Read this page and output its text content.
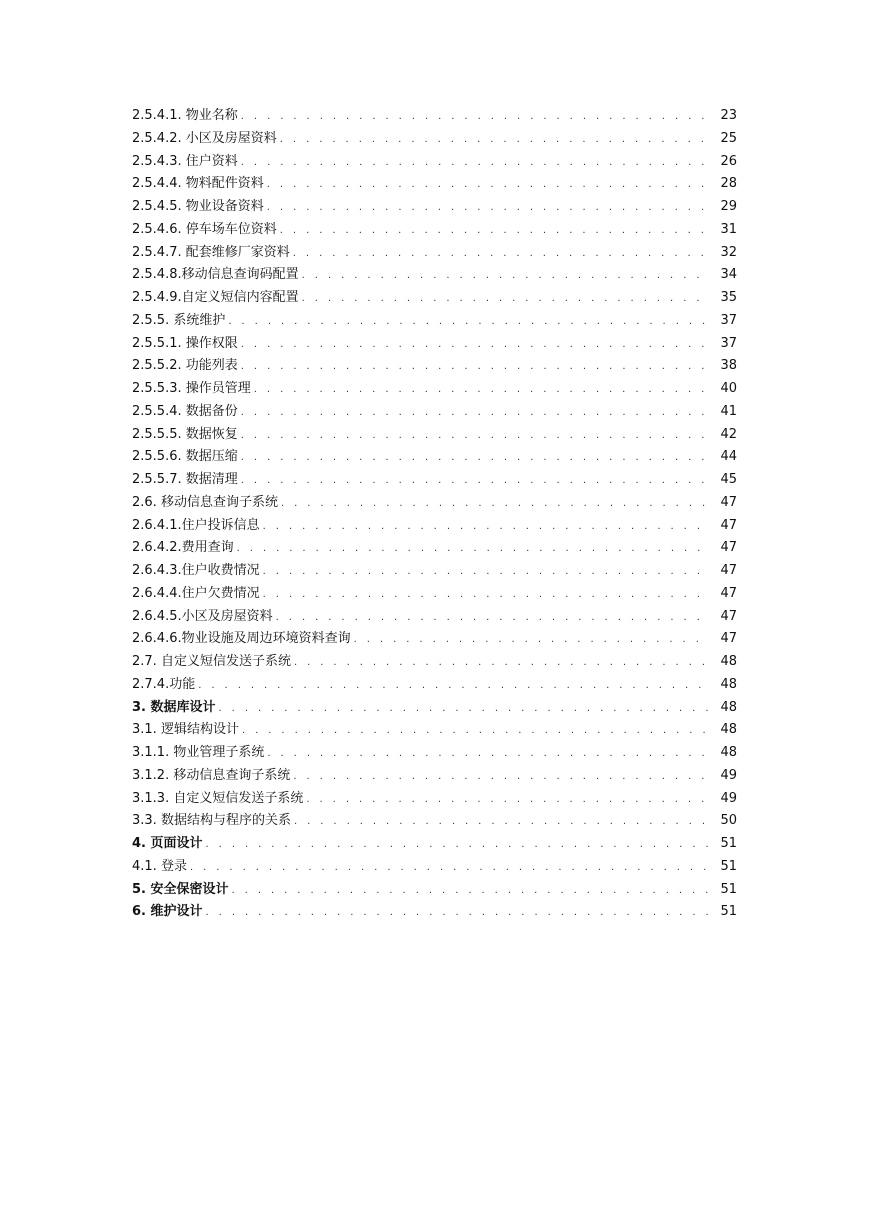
2.5.4.1. 物业名称 . . .	23
2.5.4.2. 小区及房屋资料 . . .	25
2.5.4.3. 住户资料 . . .	26
2.5.4.4. 物料配件资料 . . .	28
2.5.4.5. 物业设备资料 . . .	29
2.5.4.6. 停车场车位资料 . . .	31
2.5.4.7. 配套维修厂家资料 . . .	32
2.5.4.8.移动信息查询码配置 . . .	34
2.5.4.9.自定义短信内容配置 . . .	35
2.5.5. 系统维护 . . .	37
2.5.5.1. 操作权限 . . .	37
2.5.5.2. 功能列表 . . .	38
2.5.5.3. 操作员管理 . . .	40
2.5.5.4. 数据备份 . . .	41
2.5.5.5. 数据恢复 . . .	42
2.5.5.6. 数据压缩 . . .	44
2.5.5.7. 数据清理 . . .	45
2.6. 移动信息查询子系统 . . .	47
2.6.4.1.住户投诉信息 . . .	47
2.6.4.2.费用查询 . . .	47
2.6.4.3.住户收费情况 . . .	47
2.6.4.4.住户欠费情况 . . .	47
2.6.4.5.小区及房屋资料 . . .	47
2.6.4.6.物业设施及周边环境资料查询 . . .	47
2.7. 自定义短信发送子系统 . . .	48
2.7.4.功能 . . .	48
3. 数据库设计 . . .	48
3.1. 逻辑结构设计 . . .	48
3.1.1. 物业管理子系统 . . .	48
3.1.2. 移动信息查询子系统 . . .	49
3.1.3. 自定义短信发送子系统 . . .	49
3.3. 数据结构与程序的关系 . . .	50
4. 页面设计 . . .	51
4.1. 登录 . . .	51
5. 安全保密设计 . . .	51
6. 维护设计 . . .	51
